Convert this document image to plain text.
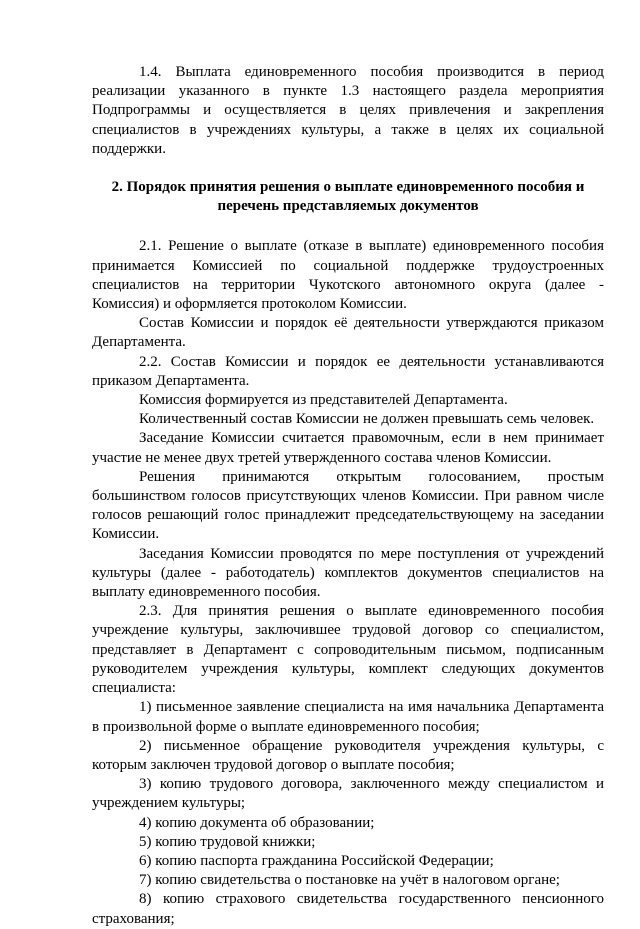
1.4. Выплата единовременного пособия производится в период реализации указанного в пункте 1.3 настоящего раздела мероприятия Подпрограммы и осуществляется в целях привлечения и закрепления специалистов в учреждениях культуры, а также в целях их социальной поддержки.

2. Порядок принятия решения о выплате единовременного пособия и перечень представляемых документов

2.1. Решение о выплате (отказе в выплате) единовременного пособия принимается Комиссией по социальной поддержке трудоустроенных специалистов на территории Чукотского автономного округа (далее - Комиссия) и оформляется протоколом Комиссии.

Состав Комиссии и порядок её деятельности утверждаются приказом Департамента.

2.2. Состав Комиссии и порядок ее деятельности устанавливаются приказом Департамента.

Комиссия формируется из представителей Департамента.

Количественный состав Комиссии не должен превышать семь человек.

Заседание Комиссии считается правомочным, если в нем принимает участие не менее двух третей утвержденного состава членов Комиссии.

Решения принимаются открытым голосованием, простым большинством голосов присутствующих членов Комиссии. При равном числе голосов решающий голос принадлежит председательствующему на заседании Комиссии.

Заседания Комиссии проводятся по мере поступления от учреждений культуры (далее - работодатель) комплектов документов специалистов на выплату единовременного пособия.

2.3. Для принятия решения о выплате единовременного пособия учреждение культуры, заключившее трудовой договор со специалистом, представляет в Департамент с сопроводительным письмом, подписанным руководителем учреждения культуры, комплект следующих документов специалиста:

1) письменное заявление специалиста на имя начальника Департамента в произвольной форме о выплате единовременного пособия;

2) письменное обращение руководителя учреждения культуры, с которым заключен трудовой договор о выплате пособия;

3) копию трудового договора, заключенного между специалистом и учреждением культуры;

4) копию документа об образовании;

5) копию трудовой книжки;

6) копию паспорта гражданина Российской Федерации;

7) копию свидетельства о постановке на учёт в налоговом органе;

8) копию страхового свидетельства государственного пенсионного страхования;
